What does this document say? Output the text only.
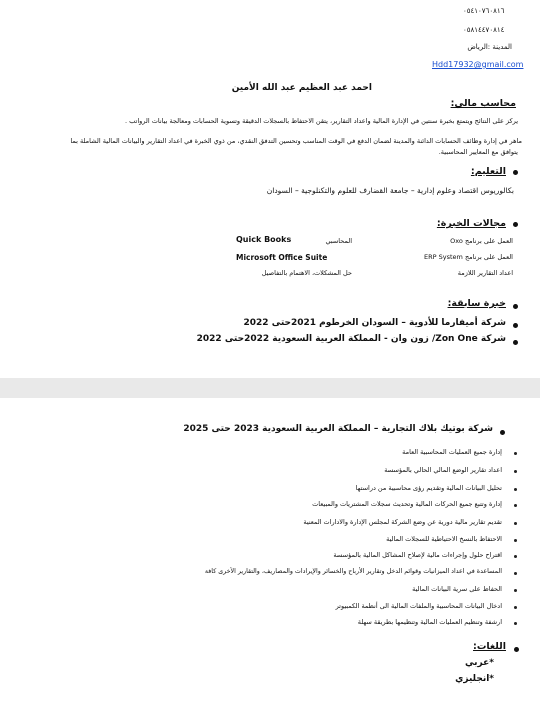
٠٥٤١٠٧٦٠٨١٦
٠٥٨١٤٤٧٠٨١٤
المدينة :الرياض
Hdd17932@gmail.com
احمد عبد العظيم عبد الله الأمين
محاسب مالي:
يركز على النتائج ويتمتع بخبرة سنتين في الإدارة المالية واعداد التقارير، يتقن الاحتفاظ بالسجلات الدقيقة وتسوية الحسابات ومعالجة بيانات الرواتب .
ماهر في إدارة وظائف الحسابات الدائنة والمدينة لضمان الدفع في الوقت المناسب وتحسين التدفق النقدي، من ذوي الخبرة في اعداد التقارير والبيانات المالية الشاملة بما
يتوافق مع المعايير المحاسبية.
التعليم:
بكالوريوس اقتصاد وعلوم إدارية – جامعة القضارف للعلوم والتكنلوجية – السودان
مجالات الخبرة:
العمل على برنامج Oxo
العمل على برنامج ERP System
اعداد التقارير اللازمة
المحاسبي
حل المشكلات، الاهتمام بالتفاصيل
Quick Books
Microsoft Office Suite
خبرة سابقة:
شركة أميفارما للأدوية – السودان الخرطوم 2021حتى 2022
شركة Zon One/ زون وان - المملكة العربية السعودية 2022حتى 2022
شركة بوتيك بلاك التجارية – المملكة العربية السعودية 2023 حتى 2025
إدارة جميع العمليات المحاسبية العامة
اعداد تقارير الوضع المالي الحالي بالمؤسسة
تحليل البيانات المالية وتقديم رؤى محاسبية من دراستها
إدارة وتتبع جميع الحركات المالية وتحديث سجلات المشتريات والمبيعات
تقديم تقارير مالية دورية عن وضع الشركة لمجلس الإدارة والادارات المعنية
الاحتفاظ بالنسخ الاحتياطية للسجلات المالية
اقتراح حلول وإجراءات مالية لإصلاح المشاكل المالية بالمؤسسة
المساعدة في اعداد الميزانيات وقوائم الدخل وتقارير الأرباح والخسائر والإيرادات والمصاريف، والتقارير الأخرى كافة
الحفاظ على سرية البيانات المالية
ادخال البيانات المحاسبية والملفات المالية الى أنظمة الكمبيوتر
ارشفة وتنظيم العمليات المالية وتنظيمها بطريقة سهلة
اللغات:
*عربي
*انجليزي
